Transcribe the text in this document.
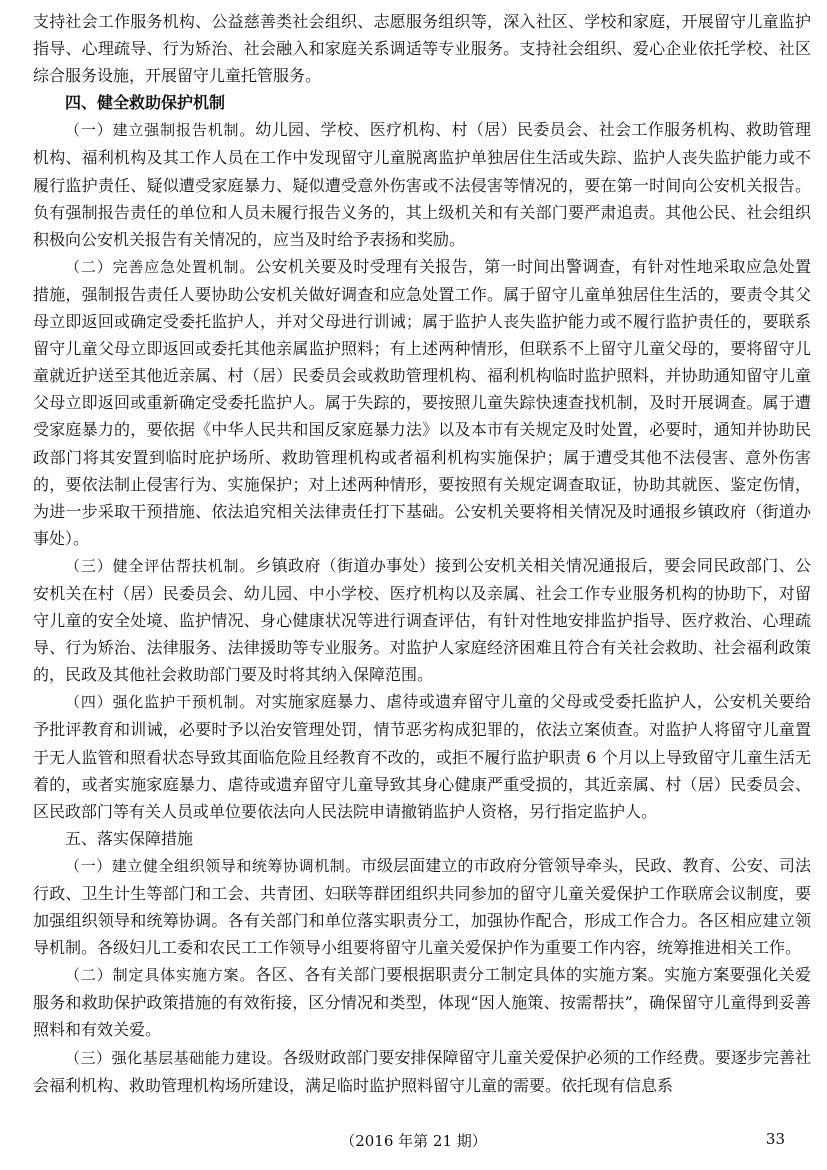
支持社会工作服务机构、公益慈善类社会组织、志愿服务组织等，深入社区、学校和家庭，开展留守儿童监护指导、心理疏导、行为矫治、社会融入和家庭关系调适等专业服务。支持社会组织、爱心企业依托学校、社区综合服务设施，开展留守儿童托管服务。

四、健全救助保护机制

（一）建立强制报告机制。幼儿园、学校、医疗机构、村（居）民委员会、社会工作服务机构、救助管理机构、福利机构及其工作人员在工作中发现留守儿童脱离监护单独居住生活或失踪、监护人丧失监护能力或不履行监护责任、疑似遭受家庭暴力、疑似遭受意外伤害或不法侵害等情况的，要在第一时间向公安机关报告。负有强制报告责任的单位和人员未履行报告义务的，其上级机关和有关部门要严肃追责。其他公民、社会组织积极向公安机关报告有关情况的，应当及时给予表扬和奖励。

（二）完善应急处置机制。公安机关要及时受理有关报告，第一时间出警调查，有针对性地采取应急处置措施，强制报告责任人要协助公安机关做好调查和应急处置工作。属于留守儿童单独居住生活的，要责令其父母立即返回或确定受委托监护人，并对父母进行训诫；属于监护人丧失监护能力或不履行监护责任的，要联系留守儿童父母立即返回或委托其他亲属监护照料；有上述两种情形，但联系不上留守儿童父母的，要将留守儿童就近护送至其他近亲属、村（居）民委员会或救助管理机构、福利机构临时监护照料，并协助通知留守儿童父母立即返回或重新确定受委托监护人。属于失踪的，要按照儿童失踪快速查找机制，及时开展调查。属于遭受家庭暴力的，要依据《中华人民共和国反家庭暴力法》以及本市有关规定及时处置，必要时，通知并协助民政部门将其安置到临时庇护场所、救助管理机构或者福利机构实施保护；属于遭受其他不法侵害、意外伤害的，要依法制止侵害行为、实施保护；对上述两种情形，要按照有关规定调查取证，协助其就医、鉴定伤情，为进一步采取干预措施、依法追究相关法律责任打下基础。公安机关要将相关情况及时通报乡镇政府（街道办事处）。

（三）健全评估帮扶机制。乡镇政府（街道办事处）接到公安机关相关情况通报后，要会同民政部门、公安机关在村（居）民委员会、幼儿园、中小学校、医疗机构以及亲属、社会工作专业服务机构的协助下，对留守儿童的安全处境、监护情况、身心健康状况等进行调查评估，有针对性地安排监护指导、医疗救治、心理疏导、行为矫治、法律服务、法律援助等专业服务。对监护人家庭经济困难且符合有关社会救助、社会福利政策的，民政及其他社会救助部门要及时将其纳入保障范围。

（四）强化监护干预机制。对实施家庭暴力、虐待或遗弃留守儿童的父母或受委托监护人，公安机关要给予批评教育和训诫，必要时予以治安管理处罚，情节恶劣构成犯罪的，依法立案侦查。对监护人将留守儿童置于无人监管和照看状态导致其面临危险且经教育不改的，或拒不履行监护职责 6 个月以上导致留守儿童生活无着的，或者实施家庭暴力、虐待或遗弃留守儿童导致其身心健康严重受损的，其近亲属、村（居）民委员会、区民政部门等有关人员或单位要依法向人民法院申请撤销监护人资格，另行指定监护人。

五、落实保障措施

（一）建立健全组织领导和统筹协调机制。市级层面建立的市政府分管领导牵头，民政、教育、公安、司法行政、卫生计生等部门和工会、共青团、妇联等群团组织共同参加的留守儿童关爱保护工作联席会议制度，要加强组织领导和统筹协调。各有关部门和单位落实职责分工，加强协作配合，形成工作合力。各区相应建立领导机制。各级妇儿工委和农民工工作领导小组要将留守儿童关爱保护作为重要工作内容，统筹推进相关工作。

（二）制定具体实施方案。各区、各有关部门要根据职责分工制定具体的实施方案。实施方案要强化关爱服务和救助保护政策措施的有效衔接，区分情况和类型，体现“因人施策、按需帮扶”，确保留守儿童得到妥善照料和有效关爱。

（三）强化基层基础能力建设。各级财政部门要安排保障留守儿童关爱保护必须的工作经费。要逐步完善社会福利机构、救助管理机构场所建设，满足临时监护照料留守儿童的需要。依托现有信息系

（2016 年第 21 期）	33
